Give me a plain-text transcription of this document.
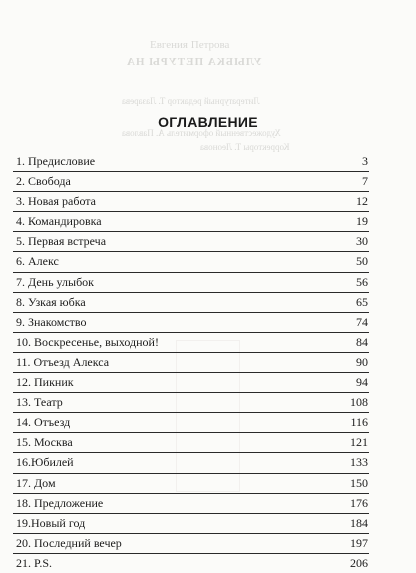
Евгения Петрова
УЛЫБКА ПЕТУРЫ НА
Литературный редактор Т. Лазарева
Художественный оформитель А. Павлова
Корректоры Т. Леонова
ОГЛАВЛЕНИЕ
1. Предисловие	3
2. Свобода	7
3. Новая работа	12
4. Командировка	19
5. Первая встреча	30
6. Алекс	50
7. День улыбок	56
8. Узкая юбка	65
9. Знакомство	74
10. Воскресенье, выходной!	84
11. Отъезд Алекса	90
12. Пикник	94
13. Театр	108
14. Отъезд	116
15. Москва	121
16.Юбилей	133
17. Дом	150
18. Предложение	176
19.Новый год	184
20. Последний вечер	197
21. P.S.	206
